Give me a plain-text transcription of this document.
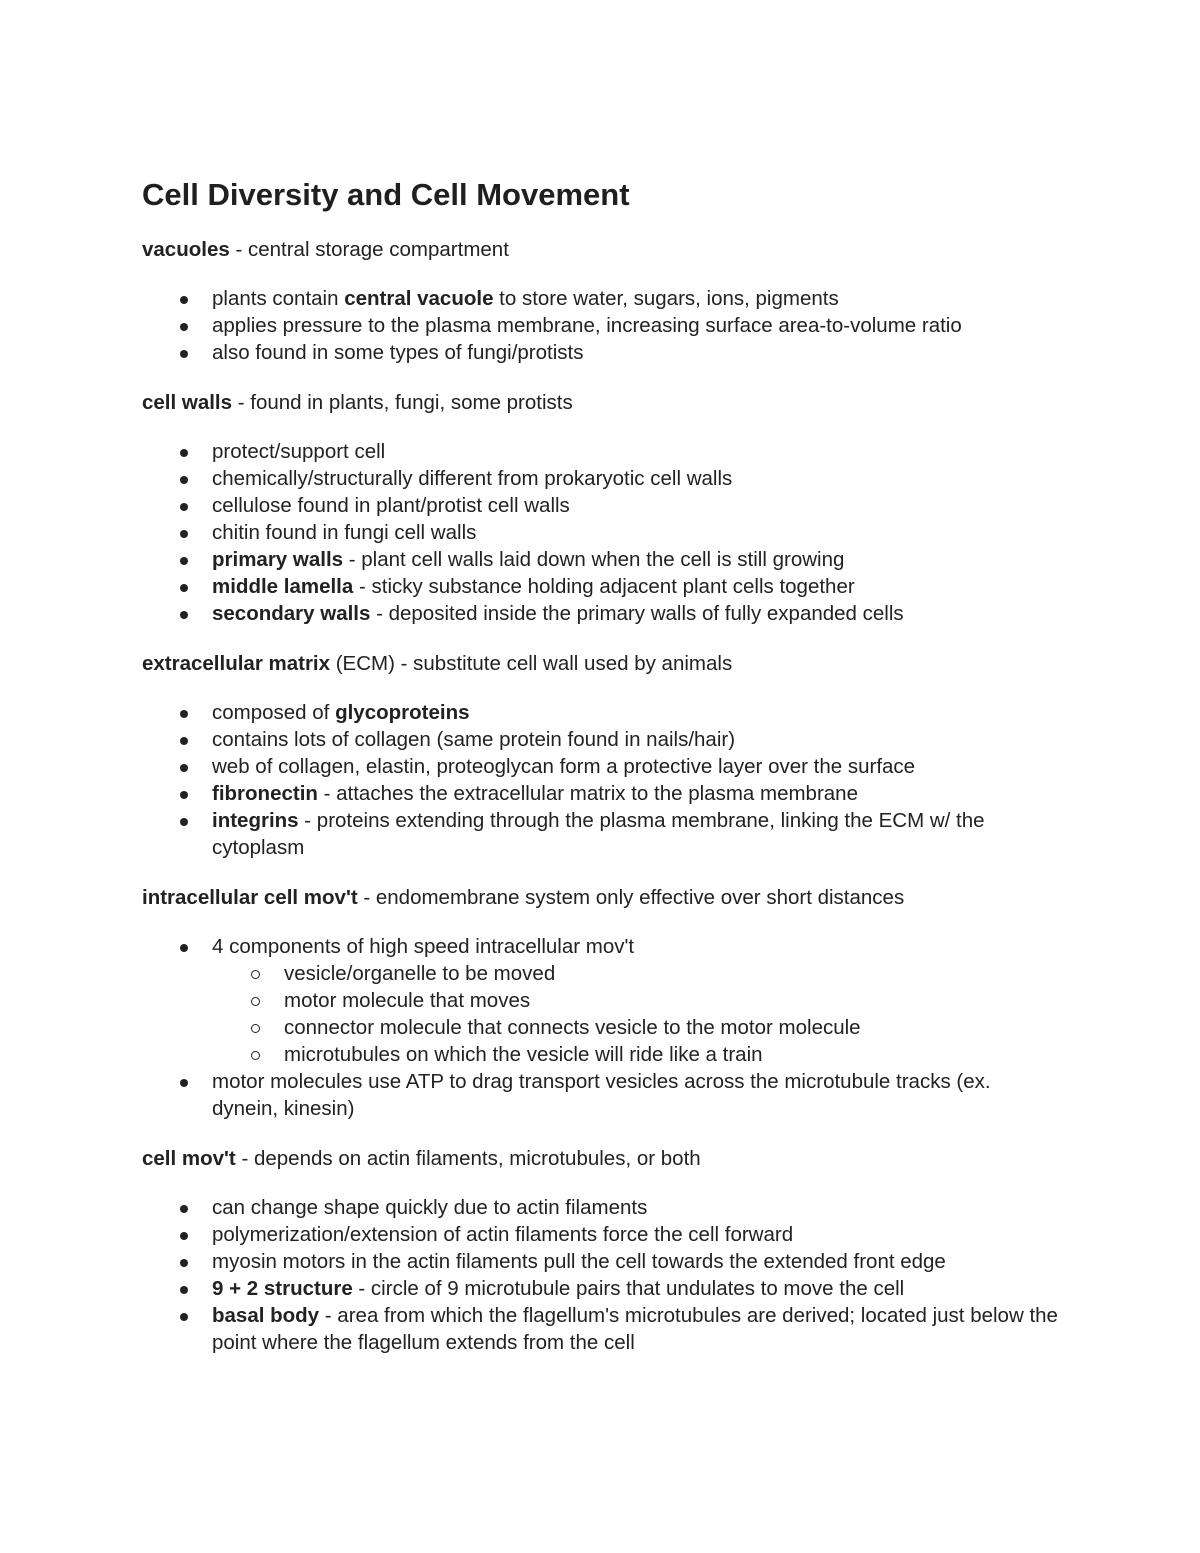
Cell Diversity and Cell Movement

vacuoles - central storage compartment

plants contain central vacuole to store water, sugars, ions, pigments
applies pressure to the plasma membrane, increasing surface area-to-volume ratio
also found in some types of fungi/protists

cell walls - found in plants, fungi, some protists

protect/support cell
chemically/structurally different from prokaryotic cell walls
cellulose found in plant/protist cell walls
chitin found in fungi cell walls
primary walls - plant cell walls laid down when the cell is still growing
middle lamella - sticky substance holding adjacent plant cells together
secondary walls - deposited inside the primary walls of fully expanded cells

extracellular matrix (ECM) - substitute cell wall used by animals

composed of glycoproteins
contains lots of collagen (same protein found in nails/hair)
web of collagen, elastin, proteoglycan form a protective layer over the surface
fibronectin - attaches the extracellular matrix to the plasma membrane
integrins - proteins extending through the plasma membrane, linking the ECM w/ the cytoplasm

intracellular cell mov't - endomembrane system only effective over short distances

4 components of high speed intracellular mov't
vesicle/organelle to be moved
motor molecule that moves
connector molecule that connects vesicle to the motor molecule
microtubules on which the vesicle will ride like a train
motor molecules use ATP to drag transport vesicles across the microtubule tracks (ex. dynein, kinesin)

cell mov't - depends on actin filaments, microtubules, or both

can change shape quickly due to actin filaments
polymerization/extension of actin filaments force the cell forward
myosin motors in the actin filaments pull the cell towards the extended front edge
9 + 2 structure - circle of 9 microtubule pairs that undulates to move the cell
basal body - area from which the flagellum's microtubules are derived; located just below the point where the flagellum extends from the cell
